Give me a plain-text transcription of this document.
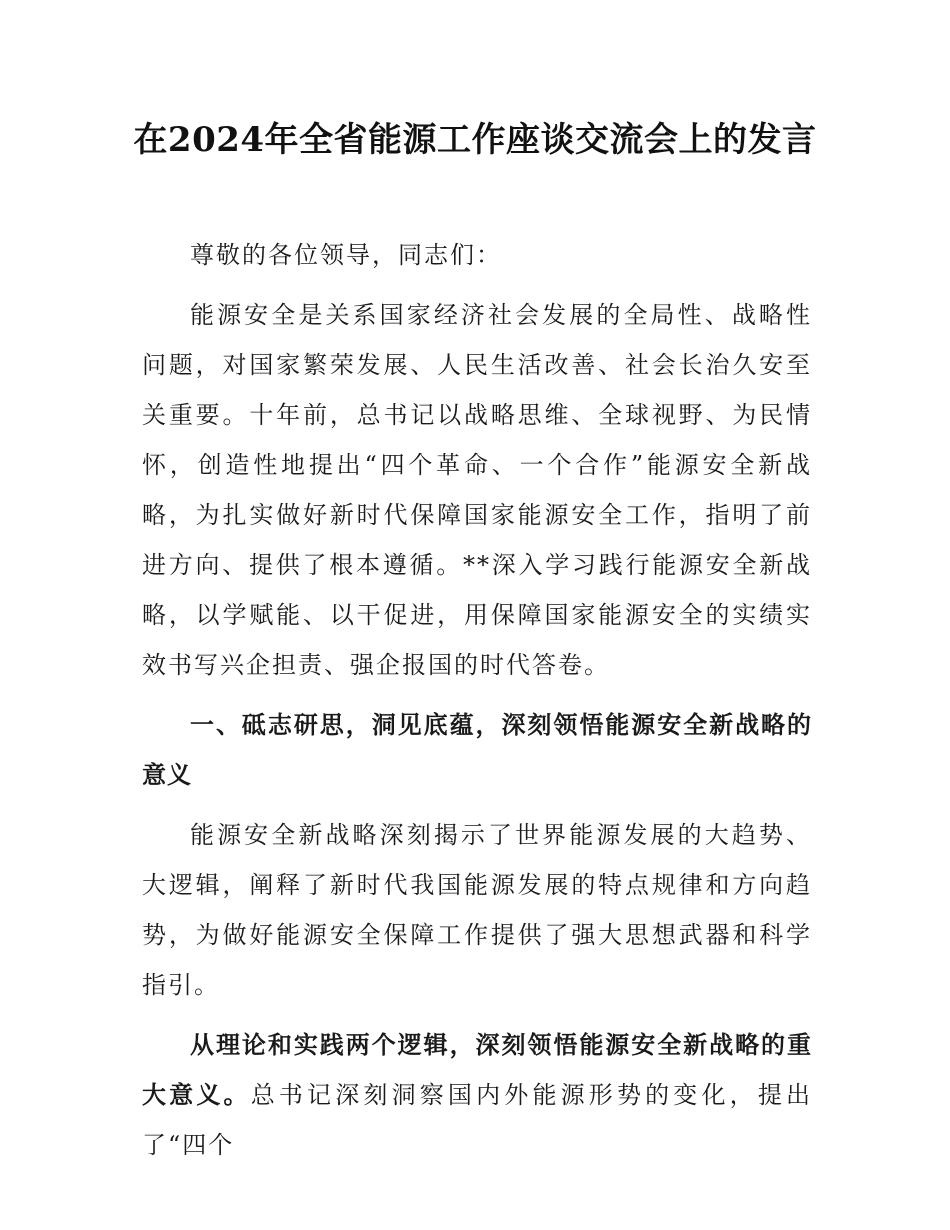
在2024年全省能源工作座谈交流会上的发言

尊敬的各位领导，同志们：

能源安全是关系国家经济社会发展的全局性、战略性问题，对国家繁荣发展、人民生活改善、社会长治久安至关重要。十年前，总书记以战略思维、全球视野、为民情怀，创造性地提出“四个革命、一个合作”能源安全新战略，为扎实做好新时代保障国家能源安全工作，指明了前进方向、提供了根本遵循。**深入学习践行能源安全新战略，以学赋能、以干促进，用保障国家能源安全的实绩实效书写兴企担责、强企报国的时代答卷。

一、砥志研思，洞见底蕴，深刻领悟能源安全新战略的意义

能源安全新战略深刻揭示了世界能源发展的大趋势、大逻辑，阐释了新时代我国能源发展的特点规律和方向趋势，为做好能源安全保障工作提供了强大思想武器和科学指引。

从理论和实践两个逻辑，深刻领悟能源安全新战略的重大意义。总书记深刻洞察国内外能源形势的变化，提出了“四个
